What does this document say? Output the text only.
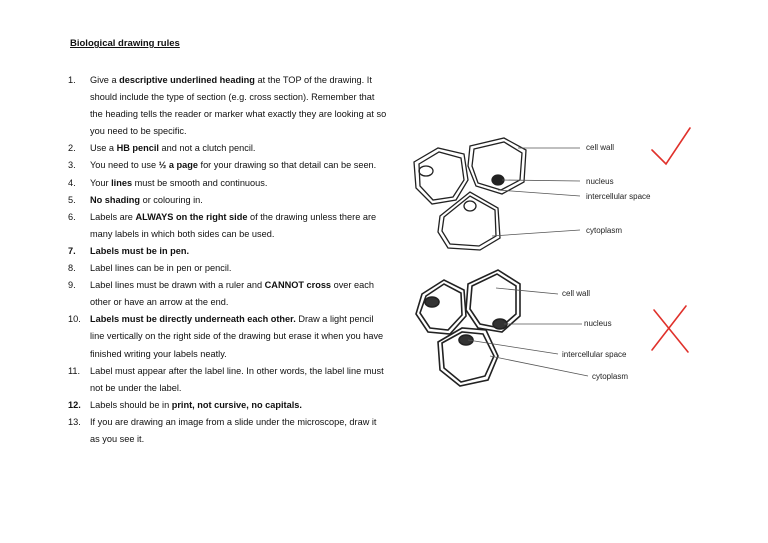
Biological drawing rules
1.	Give a descriptive underlined heading at the TOP of the drawing. It should include the type of section (e.g. cross section). Remember that the heading tells the reader or marker what exactly they are looking at so you need to be specific.
2.	Use a HB pencil and not a clutch pencil.
3.	You need to use ½ a page for your drawing so that detail can be seen.
4.	Your lines must be smooth and continuous.
5.	No shading or colouring in.
6.	Labels are ALWAYS on the right side of the drawing unless there are many labels in which both sides can be used.
7.	Labels must be in pen.
8.	Label lines can be in pen or pencil.
9.	Label lines must be drawn with a ruler and CANNOT cross over each other or have an arrow at the end.
10.	Labels must be directly underneath each other. Draw a light pencil line vertically on the right side of the drawing but erase it when you have finished writing your labels neatly.
11.	Label must appear after the label line. In other words, the label line must not be under the label.
12.	Labels should be in print, not cursive, no capitals.
13.	If you are drawing an image from a slide under the microscope, draw it as you see it.
cell wall
nucleus
intercellular space
cytoplasm
cell wall
nucleus
intercellular space
cytoplasm
